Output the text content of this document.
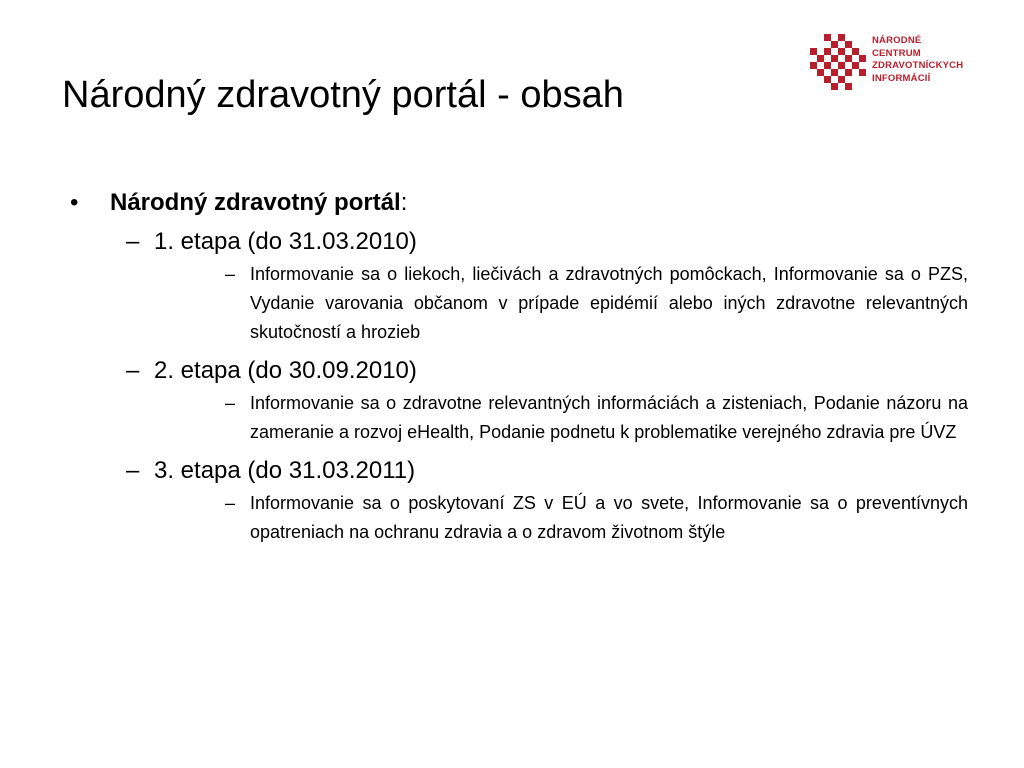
Národný zdravotný portál - obsah
NÁRODNÉ
CENTRUM
ZDRAVOTNÍCKYCH
INFORMÁCIÍ
• Národný zdravotný portál:
– 1. etapa (do 31.03.2010)
– Informovanie sa o liekoch, liečivách a zdravotných pomôckach, Informovanie sa o PZS, Vydanie varovania občanom v prípade epidémií alebo iných zdravotne relevantných skutočností a hrozieb
– 2. etapa (do 30.09.2010)
– Informovanie sa o zdravotne relevantných informáciách a zisteniach, Podanie názoru na zameranie a rozvoj eHealth, Podanie podnetu k problematike verejného zdravia pre ÚVZ
– 3. etapa (do 31.03.2011)
– Informovanie sa o poskytovaní ZS v EÚ a vo svete, Informovanie sa o preventívnych opatreniach na ochranu zdravia a o zdravom životnom štýle
